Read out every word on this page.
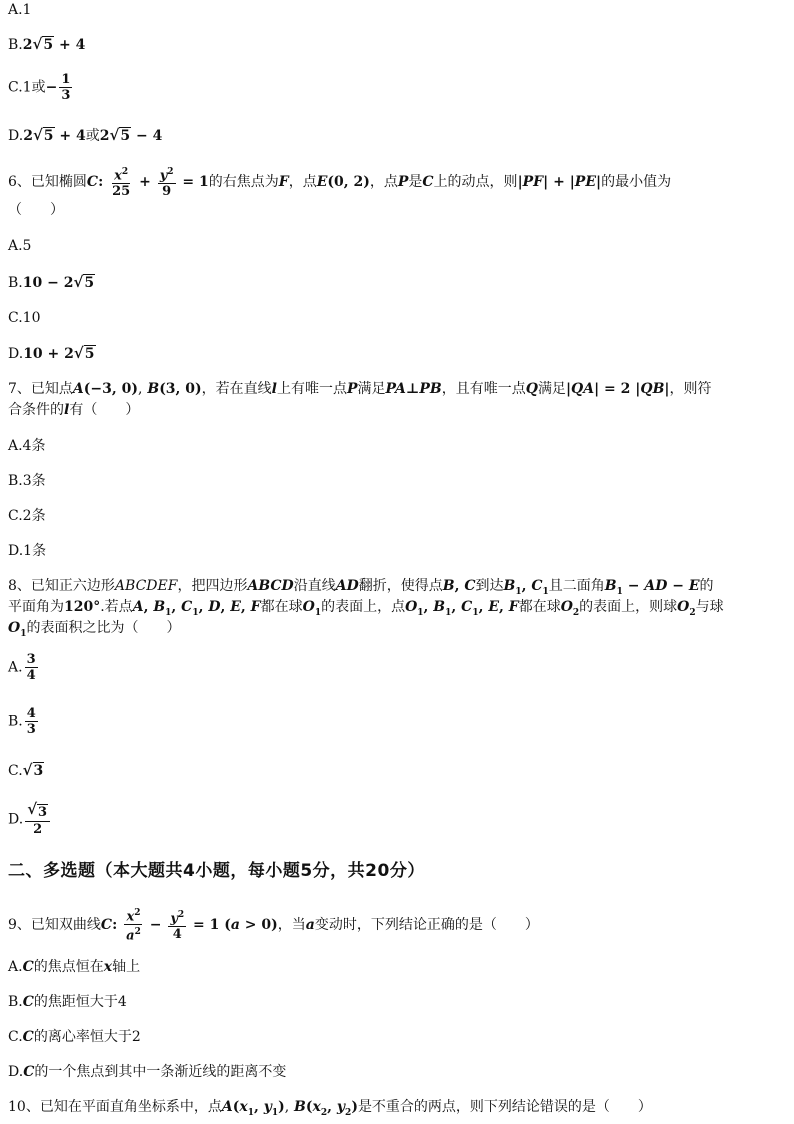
A.1
B.2 √ 5 + 4
C.1或− $\frac{1}{3}$
D.2 √ 5 + 4或2 √ 5 − 4
6、已知椭圆C: $\frac{x^2}{25} + \frac{y^2}{9} = 1$的右焦点为F，点E(0, 2)，点P是C上的动点，则|PF| + |PE|的最小值为
（　　）
A.5
B.10 − 2 √ 5
C.10
D.10 + 2 √ 5
7、已知点A(−3, 0), B(3, 0)，若在直线l上有唯一点P满足PA⊥PB，且有唯一点Q满足|QA| = 2 |QB|，则符
合条件的l有（　　）
A.4条
B.3条
C.2条
D.1条
8、已知正六边形ABCDEF，把四边形ABCD沿直线AD翻折，使得点B, C到达$B_1$, $C_1$且二面角$B_1$ − AD − E的
平面角为120°.若点A, $B_1$, $C_1$, D, E, F都在球$O_1$的表面上，点$O_1$, $B_1$, $C_1$, E, F都在球$O_2$的表面上，则球$O_2$与球
$O_1$的表面积之比为（　　）
A. $\frac{3}{4}$
B. $\frac{4}{3}$
C. √ 3
D. $\frac{√ 3}{2}$
二、多选题（本大题共4小题，每小题5分，共20分）
9、已知双曲线C: $\frac{x^2}{a^2} - \frac{y^2}{4} = 1$ (a > 0)，当a变动时，下列结论正确的是（　　）
A.C的焦点恒在x轴上
B.C的焦距恒大于4
C.C的离心率恒大于2
D.C的一个焦点到其中一条渐近线的距离不变
10、已知在平面直角坐标系中，点$A(x_1$, $y_1$), $B(x_2$, $y_2$)是不重合的两点，则下列结论错误的是（　　）
